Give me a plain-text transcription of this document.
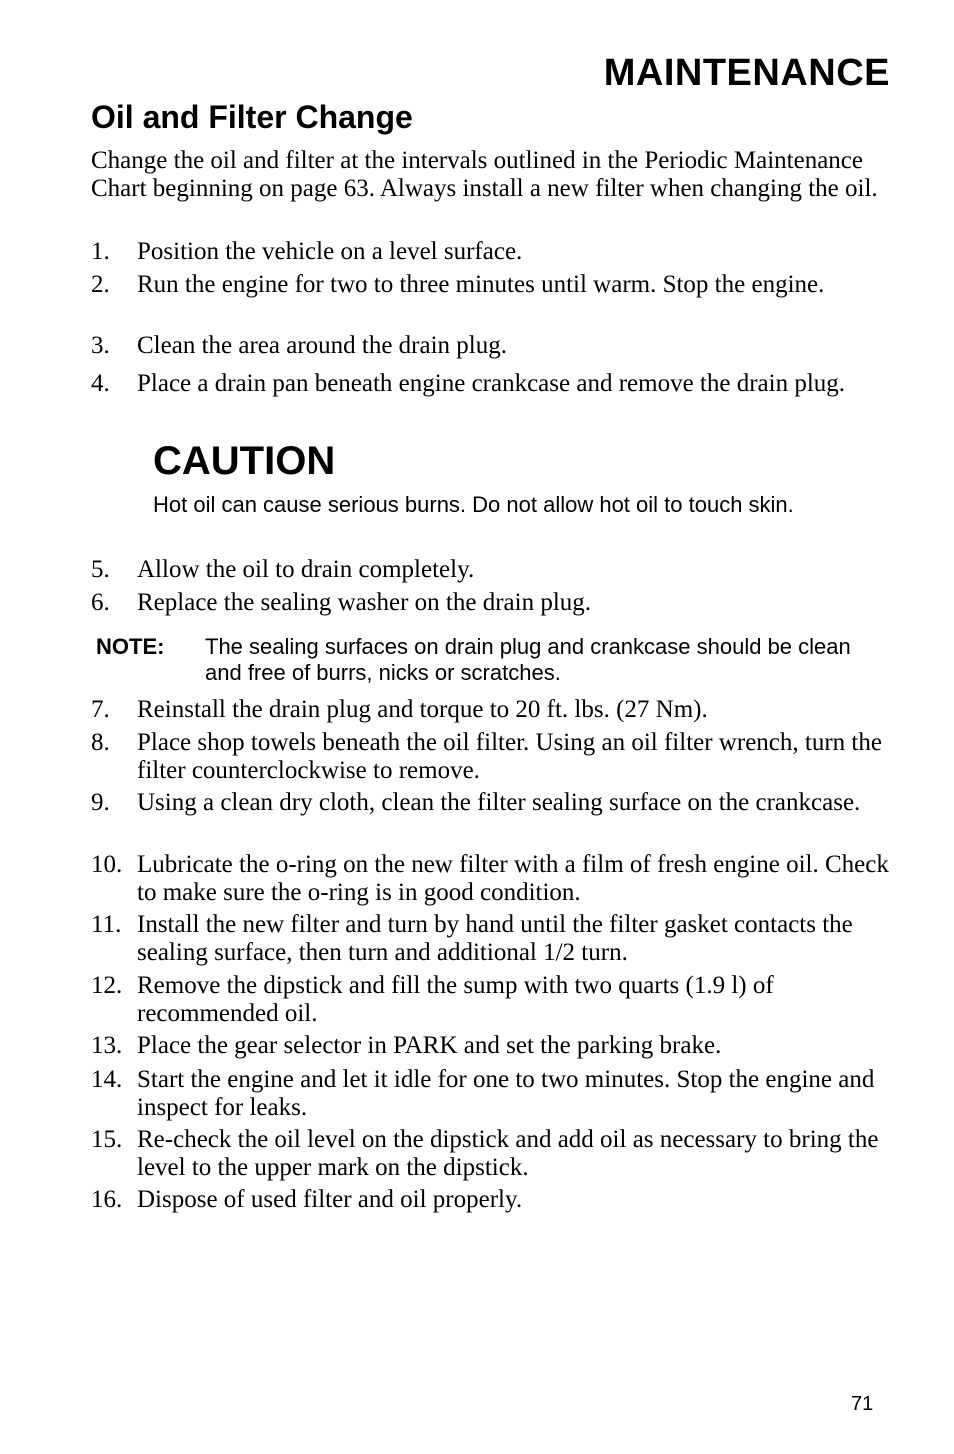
MAINTENANCE
Oil and Filter Change
Change the oil and filter at the intervals outlined in the Periodic Maintenance Chart beginning on page 63. Always install a new filter when changing the oil.
1. Position the vehicle on a level surface.
2. Run the engine for two to three minutes until warm. Stop the engine.
3. Clean the area around the drain plug.
4. Place a drain pan beneath engine crankcase and remove the drain plug.
CAUTION
Hot oil can cause serious burns. Do not allow hot oil to touch skin.
5. Allow the oil to drain completely.
6. Replace the sealing washer on the drain plug.
NOTE: The sealing surfaces on drain plug and crankcase should be clean and free of burrs, nicks or scratches.
7. Reinstall the drain plug and torque to 20 ft. lbs. (27 Nm).
8. Place shop towels beneath the oil filter. Using an oil filter wrench, turn the filter counterclockwise to remove.
9. Using a clean dry cloth, clean the filter sealing surface on the crankcase.
10. Lubricate the o-ring on the new filter with a film of fresh engine oil. Check to make sure the o-ring is in good condition.
11. Install the new filter and turn by hand until the filter gasket contacts the sealing surface, then turn and additional 1/2 turn.
12. Remove the dipstick and fill the sump with two quarts (1.9 l) of recommended oil.
13. Place the gear selector in PARK and set the parking brake.
14. Start the engine and let it idle for one to two minutes. Stop the engine and inspect for leaks.
15. Re-check the oil level on the dipstick and add oil as necessary to bring the level to the upper mark on the dipstick.
16. Dispose of used filter and oil properly.
71
